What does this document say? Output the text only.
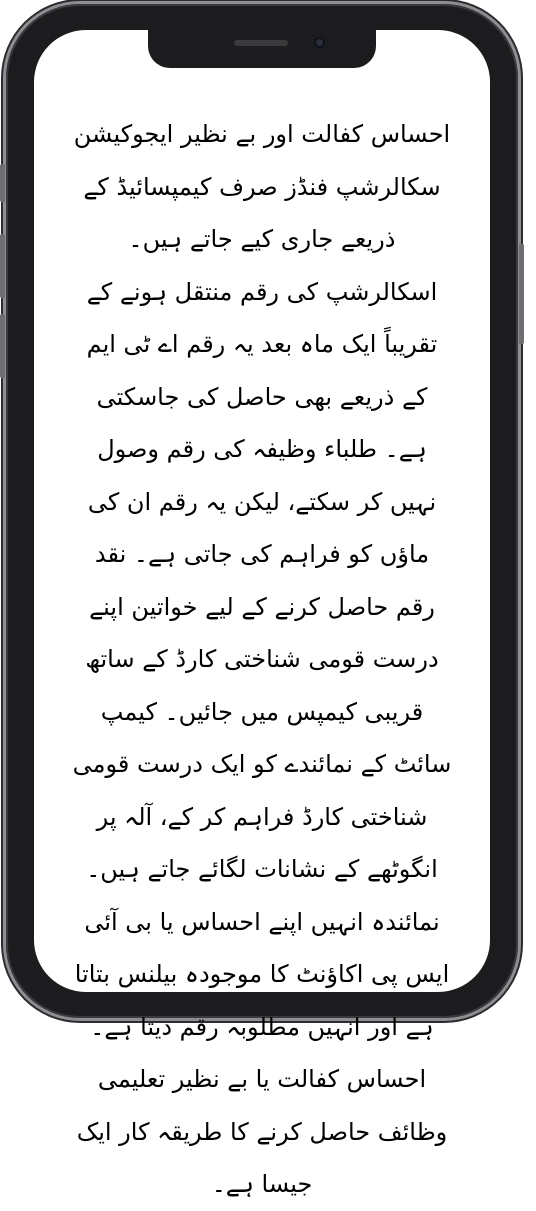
احساس کفالت اور بے نظیر ایجوکیشن سکالرشپ فنڈز صرف کیمپسائیڈ کے ذریعے جاری کیے جاتے ہیں۔ اسکالرشپ کی رقم منتقل ہونے کے تقریباً ایک ماہ بعد یہ رقم اے ٹی ایم کے ذریعے بھی حاصل کی جاسکتی ہے۔ طلباء وظیفہ کی رقم وصول نہیں کر سکتے، لیکن یہ رقم ان کی ماؤں کو فراہم کی جاتی ہے۔ نقد رقم حاصل کرنے کے لیے خواتین اپنے درست قومی شناختی کارڈ کے ساتھ قریبی کیمپس میں جائیں۔ کیمپ سائٹ کے نمائندے کو ایک درست قومی شناختی کارڈ فراہم کر کے، آلہ پر انگوٹھے کے نشانات لگائے جاتے ہیں۔

نمائندہ انہیں اپنے احساس یا بی آئی ایس پی اکاؤنٹ کا موجودہ بیلنس بتاتا ہے اور انہیں مطلوبہ رقم دیتا ہے۔ احساس کفالت یا بے نظیر تعلیمی وظائف حاصل کرنے کا طریقہ کار ایک جیسا ہے۔
